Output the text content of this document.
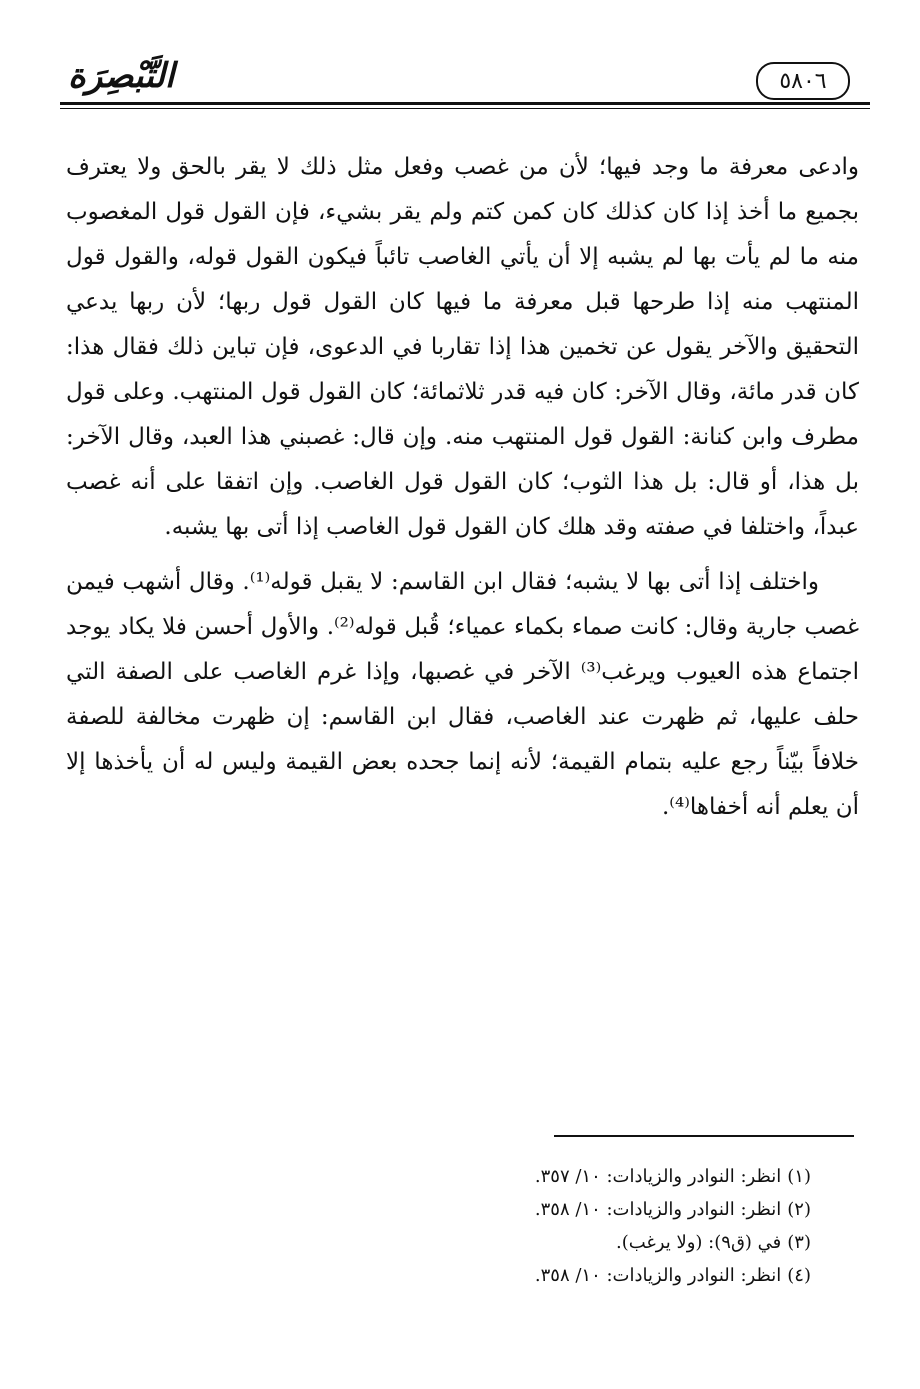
التَّبْصِرَة	٥٨٠٦

وادعى معرفة ما وجد فيها؛ لأن من غصب وفعل مثل ذلك لا يقر بالحق ولا يعترف بجميع ما أخذ إذا كان كذلك كان كمن كتم ولم يقر بشيء، فإن القول قول المغصوب منه ما لم يأت بها لم يشبه إلا أن يأتي الغاصب تائباً فيكون القول قوله، والقول قول المنتهب منه إذا طرحها قبل معرفة ما فيها كان القول قول ربها؛ لأن ربها يدعي التحقيق والآخر يقول عن تخمين هذا إذا تقاربا في الدعوى، فإن تباين ذلك فقال هذا: كان قدر مائة، وقال الآخر: كان فيه قدر ثلاثمائة؛ كان القول قول المنتهب. وعلى قول مطرف وابن كنانة: القول قول المنتهب منه. وإن قال: غصبني هذا العبد، وقال الآخر: بل هذا، أو قال: بل هذا الثوب؛ كان القول قول الغاصب. وإن اتفقا على أنه غصب عبداً، واختلفا في صفته وقد هلك كان القول قول الغاصب إذا أتى بها يشبه.

واختلف إذا أتى بها لا يشبه؛ فقال ابن القاسم: لا يقبل قوله⁽¹⁾. وقال أشهب فيمن غصب جارية وقال: كانت صماء بكماء عمياء؛ قُبل قوله⁽²⁾. والأول أحسن فلا يكاد يوجد اجتماع هذه العيوب ويرغب⁽³⁾ الآخر في غصبها، وإذا غرم الغاصب على الصفة التي حلف عليها، ثم ظهرت عند الغاصب، فقال ابن القاسم: إن ظهرت مخالفة للصفة خلافاً بيّناً رجع عليه بتمام القيمة؛ لأنه إنما جحده بعض القيمة وليس له أن يأخذها إلا أن يعلم أنه أخفاها⁽⁴⁾.

(١)انظر: النوادر والزيادات: ١٠/ ٣٥٧.

(٢)انظر: النوادر والزيادات: ١٠/ ٣٥٨.

(٣)في (ق٩): (ولا يرغب).

(٤)انظر: النوادر والزيادات: ١٠/ ٣٥٨.
